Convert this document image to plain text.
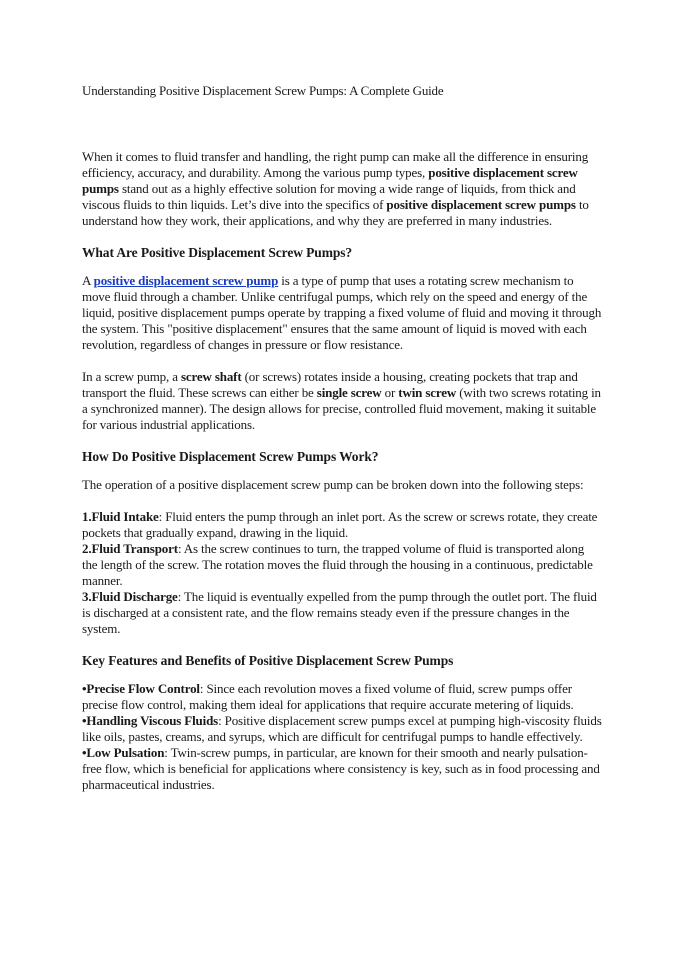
Understanding Positive Displacement Screw Pumps: A Complete Guide

When it comes to fluid transfer and handling, the right pump can make all the difference in ensuring efficiency, accuracy, and durability. Among the various pump types, positive displacement screw pumps stand out as a highly effective solution for moving a wide range of liquids, from thick and viscous fluids to thin liquids. Let’s dive into the specifics of positive displacement screw pumps to understand how they work, their applications, and why they are preferred in many industries.

What Are Positive Displacement Screw Pumps?

A positive displacement screw pump is a type of pump that uses a rotating screw mechanism to move fluid through a chamber. Unlike centrifugal pumps, which rely on the speed and energy of the liquid, positive displacement pumps operate by trapping a fixed volume of fluid and moving it through the system. This "positive displacement" ensures that the same amount of liquid is moved with each revolution, regardless of changes in pressure or flow resistance.

In a screw pump, a screw shaft (or screws) rotates inside a housing, creating pockets that trap and transport the fluid. These screws can either be single screw or twin screw (with two screws rotating in a synchronized manner). The design allows for precise, controlled fluid movement, making it suitable for various industrial applications.

How Do Positive Displacement Screw Pumps Work?

The operation of a positive displacement screw pump can be broken down into the following steps:

1.Fluid Intake: Fluid enters the pump through an inlet port. As the screw or screws rotate, they create pockets that gradually expand, drawing in the liquid.

2.Fluid Transport: As the screw continues to turn, the trapped volume of fluid is transported along the length of the screw. The rotation moves the fluid through the housing in a continuous, predictable manner.

3.Fluid Discharge: The liquid is eventually expelled from the pump through the outlet port. The fluid is discharged at a consistent rate, and the flow remains steady even if the pressure changes in the system.

Key Features and Benefits of Positive Displacement Screw Pumps

•Precise Flow Control: Since each revolution moves a fixed volume of fluid, screw pumps offer precise flow control, making them ideal for applications that require accurate metering of liquids.

•Handling Viscous Fluids: Positive displacement screw pumps excel at pumping high-viscosity fluids like oils, pastes, creams, and syrups, which are difficult for centrifugal pumps to handle effectively.

•Low Pulsation: Twin-screw pumps, in particular, are known for their smooth and nearly pulsation-free flow, which is beneficial for applications where consistency is key, such as in food processing and pharmaceutical industries.
